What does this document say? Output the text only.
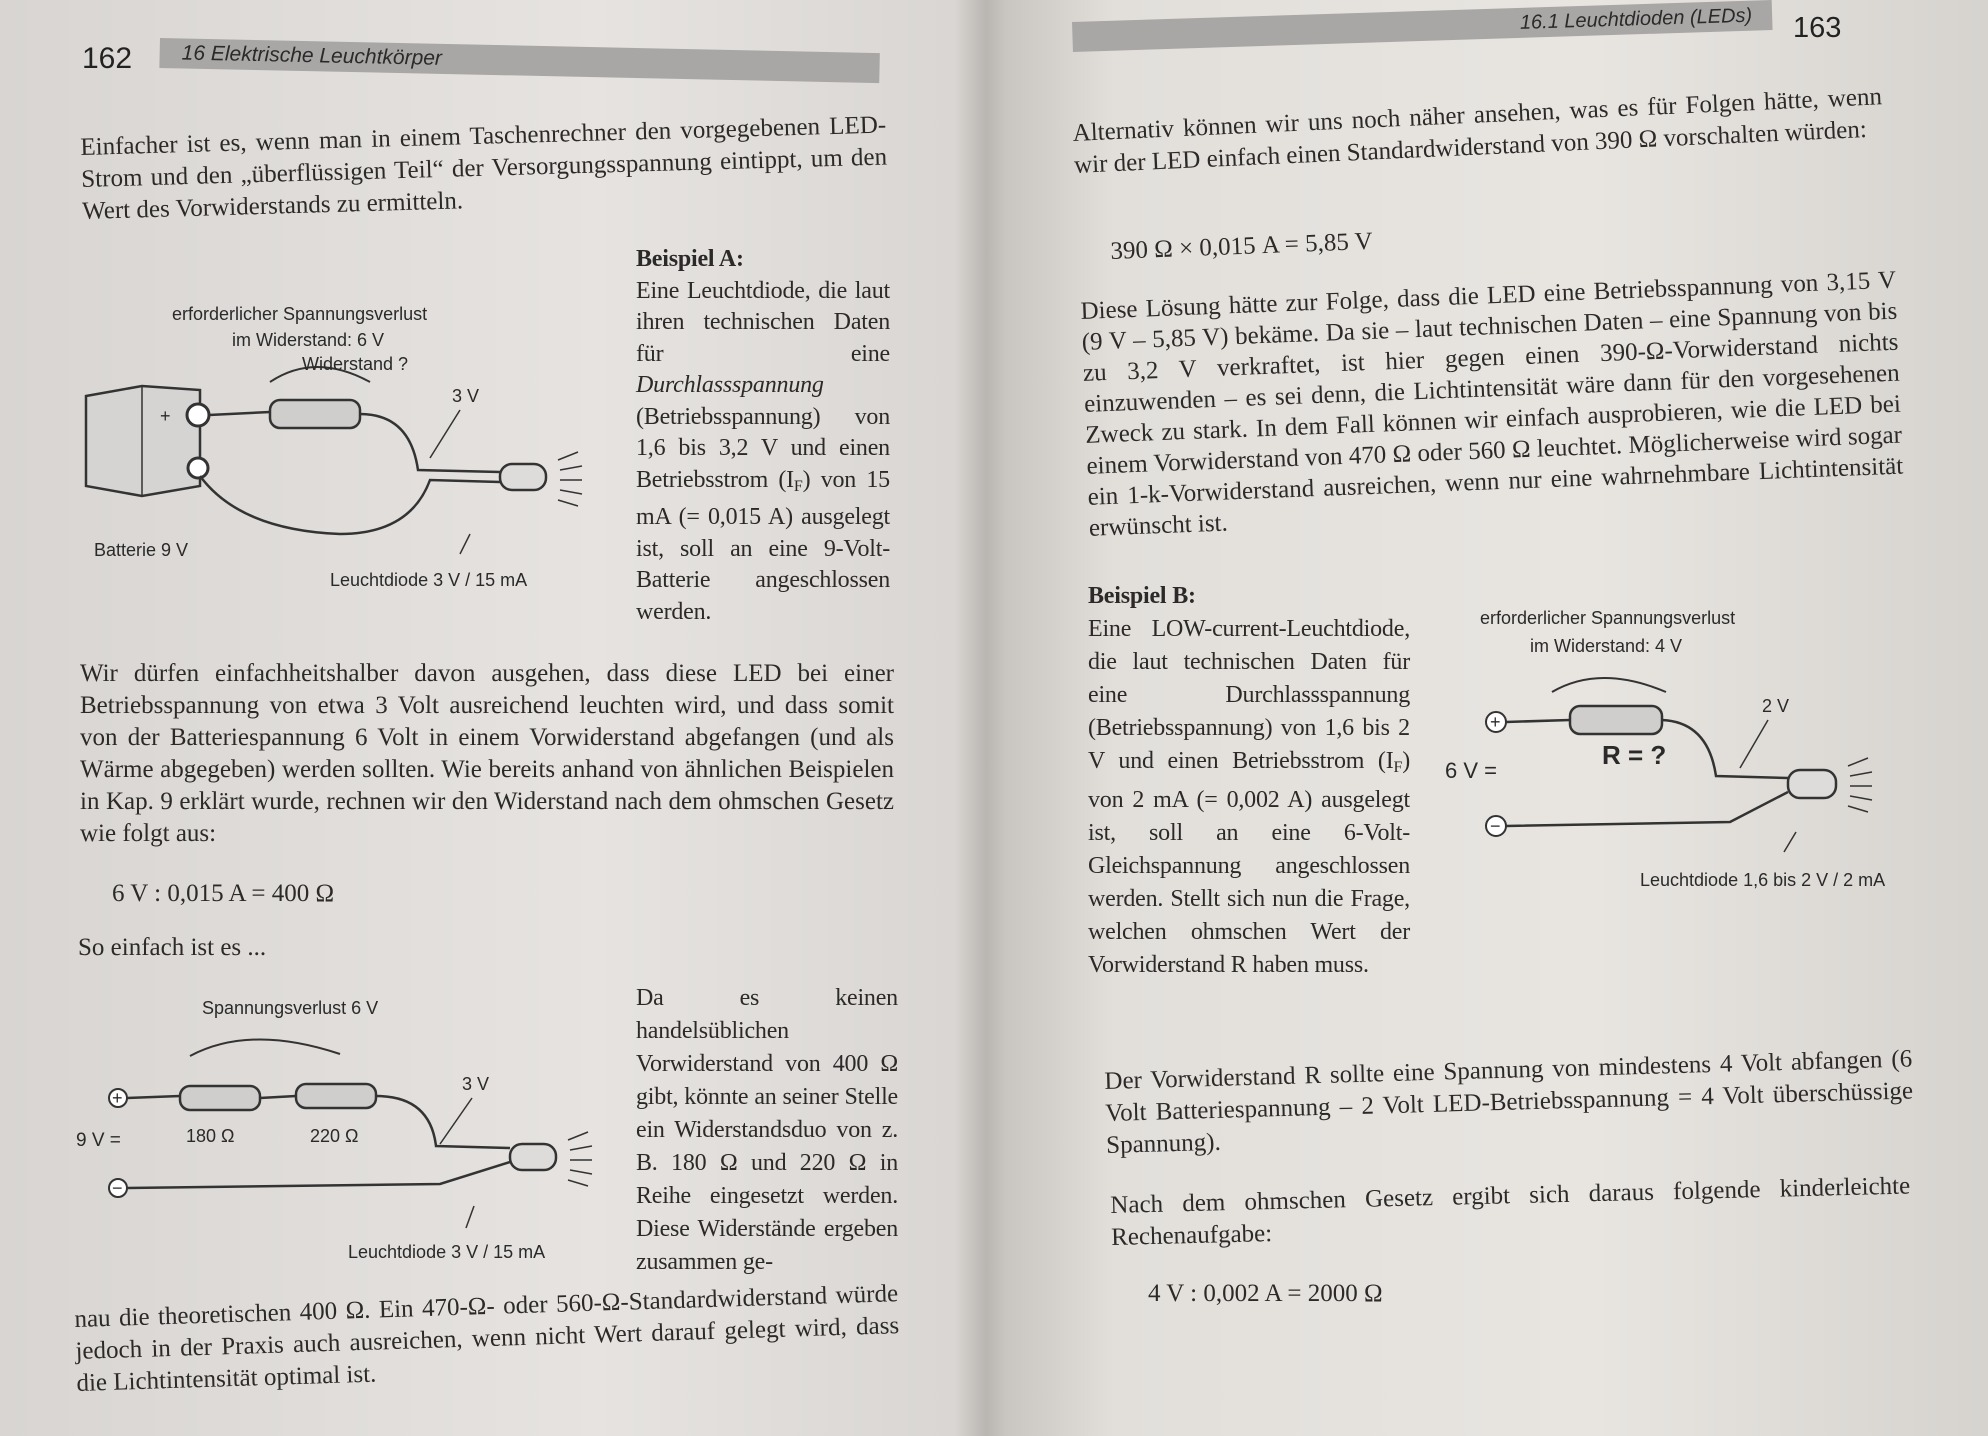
162	16 Elektrische Leuchtkörper
Einfacher ist es, wenn man in einem Taschenrechner den vorgegebenen LED-Strom und den „überflüssigen Teil“ der Versorgungsspannung eintippt, um den Wert des Vorwiderstands zu ermitteln.
erforderlicher Spannungsverlust
im Widerstand: 6 V
+
Widerstand ?
3 V
Batterie 9 V
Leuchtdiode 3 V / 15 mA
Beispiel A:
Eine Leuchtdiode, die laut ihren technischen Daten für eine Durchlassspannung (Betriebsspannung) von 1,6 bis 3,2 V und einen Betriebsstrom $(I_F)$ von 15 mA (= 0,015 A) ausgelegt ist, soll an eine 9-Volt-Batterie angeschlossen werden.
Wir dürfen einfachheitshalber davon ausgehen, dass diese LED bei einer Betriebsspannung von etwa 3 Volt ausreichend leuchten wird, und dass somit von der Batteriespannung 6 Volt in einem Vorwiderstand abgefangen (und als Wärme abgegeben) werden sollten. Wie bereits anhand von ähnlichen Beispielen in Kap. 9 erklärt wurde, rechnen wir den Widerstand nach dem ohmschen Gesetz wie folgt aus:
6 V : 0,015 A = 400 Ω
So einfach ist es ...
Spannungsverlust 6 V
+
−
9 V =	180 Ω	220 Ω
3 V
Leuchtdiode 3 V / 15 mA
Da es keinen handelsüblichen Vorwiderstand von 400 Ω gibt, könnte an seiner Stelle ein Widerstandsduo von z. B. 180 Ω und 220 Ω in Reihe eingesetzt werden. Diese Widerstände ergeben zusammen ge-
nau die theoretischen 400 Ω. Ein 470-Ω- oder 560-Ω-Standardwiderstand würde jedoch in der Praxis auch ausreichen, wenn nicht Wert darauf gelegt wird, dass die Lichtintensität optimal ist.
16.1 Leuchtdioden (LEDs)	163
Alternativ können wir uns noch näher ansehen, was es für Folgen hätte, wenn wir der LED einfach einen Standardwiderstand von 390 Ω vorschalten würden:
390 Ω × 0,015 A = 5,85 V
Diese Lösung hätte zur Folge, dass die LED eine Betriebsspannung von 3,15 V (9 V – 5,85 V) bekäme. Da sie – laut technischen Daten – eine Spannung von bis zu 3,2 V verkraftet, ist hier gegen einen 390-Ω-Vorwiderstand nichts einzuwenden – es sei denn, die Lichtintensität wäre dann für den vorgesehenen Zweck zu stark. In dem Fall können wir einfach ausprobieren, wie die LED bei einem Vorwiderstand von 470 Ω oder 560 Ω leuchtet. Möglicherweise wird sogar ein 1-k-Vorwiderstand ausreichen, wenn nur eine wahrnehmbare Lichtintensität erwünscht ist.
Beispiel B:
Eine LOW-current-Leuchtdiode, die laut technischen Daten für eine Durchlassspannung (Betriebsspannung) von 1,6 bis 2 V und einen Betriebsstrom $(I_F)$ von 2 mA (= 0,002 A) ausgelegt ist, soll an eine 6-Volt-Gleichspannung angeschlossen werden. Stellt sich nun die Frage, welchen ohmschen Wert der Vorwiderstand R haben muss.
erforderlicher Spannungsverlust
im Widerstand: 4 V
+
−
6 V =
R = ?
2 V
Leuchtdiode 1,6 bis 2 V / 2 mA
Der Vorwiderstand R sollte eine Spannung von mindestens 4 Volt abfangen (6 Volt Batteriespannung – 2 Volt LED-Betriebsspannung = 4 Volt überschüssige Spannung).
Nach dem ohmschen Gesetz ergibt sich daraus folgende kinderleichte Rechenaufgabe:
4 V : 0,002 A = 2000 Ω
